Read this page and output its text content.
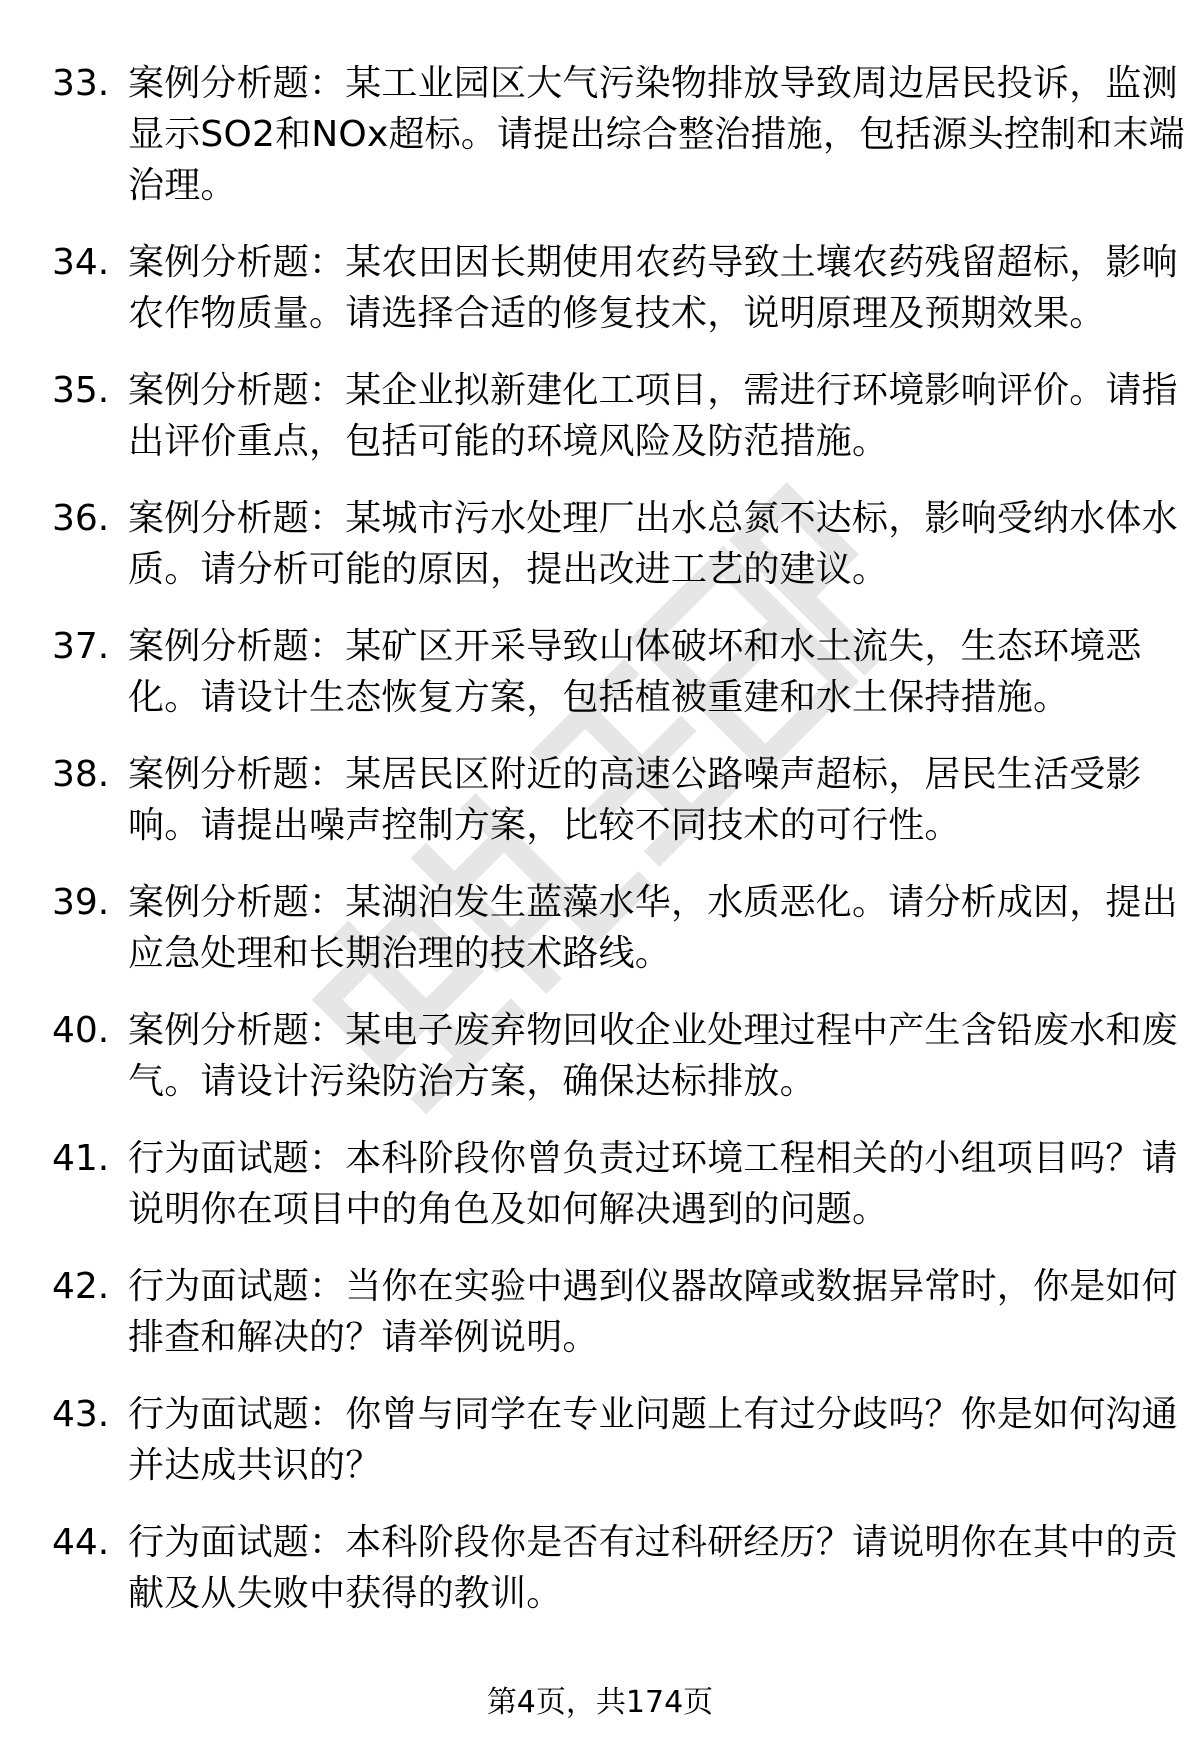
33. 案例分析题：某工业园区大气污染物排放导致周边居民投诉，监测显示SO2和NOx超标。请提出综合整治措施，包括源头控制和末端治理。
34. 案例分析题：某农田因长期使用农药导致土壤农药残留超标，影响农作物质量。请选择合适的修复技术，说明原理及预期效果。
35. 案例分析题：某企业拟新建化工项目，需进行环境影响评价。请指出评价重点，包括可能的环境风险及防范措施。
36. 案例分析题：某城市污水处理厂出水总氮不达标，影响受纳水体水质。请分析可能的原因，提出改进工艺的建议。
37. 案例分析题：某矿区开采导致山体破坏和水土流失，生态环境恶化。请设计生态恢复方案，包括植被重建和水土保持措施。
38. 案例分析题：某居民区附近的高速公路噪声超标，居民生活受影响。请提出噪声控制方案，比较不同技术的可行性。
39. 案例分析题：某湖泊发生蓝藻水华，水质恶化。请分析成因，提出应急处理和长期治理的技术路线。
40. 案例分析题：某电子废弃物回收企业处理过程中产生含铅废水和废气。请设计污染防治方案，确保达标排放。
41. 行为面试题：本科阶段你曾负责过环境工程相关的小组项目吗？请说明你在项目中的角色及如何解决遇到的问题。
42. 行为面试题：当你在实验中遇到仪器故障或数据异常时，你是如何排查和解决的？请举例说明。
43. 行为面试题：你曾与同学在专业问题上有过分歧吗？你是如何沟通并达成共识的？
44. 行为面试题：本科阶段你是否有过科研经历？请说明你在其中的贡献及从失败中获得的教训。
第4页，共174页
